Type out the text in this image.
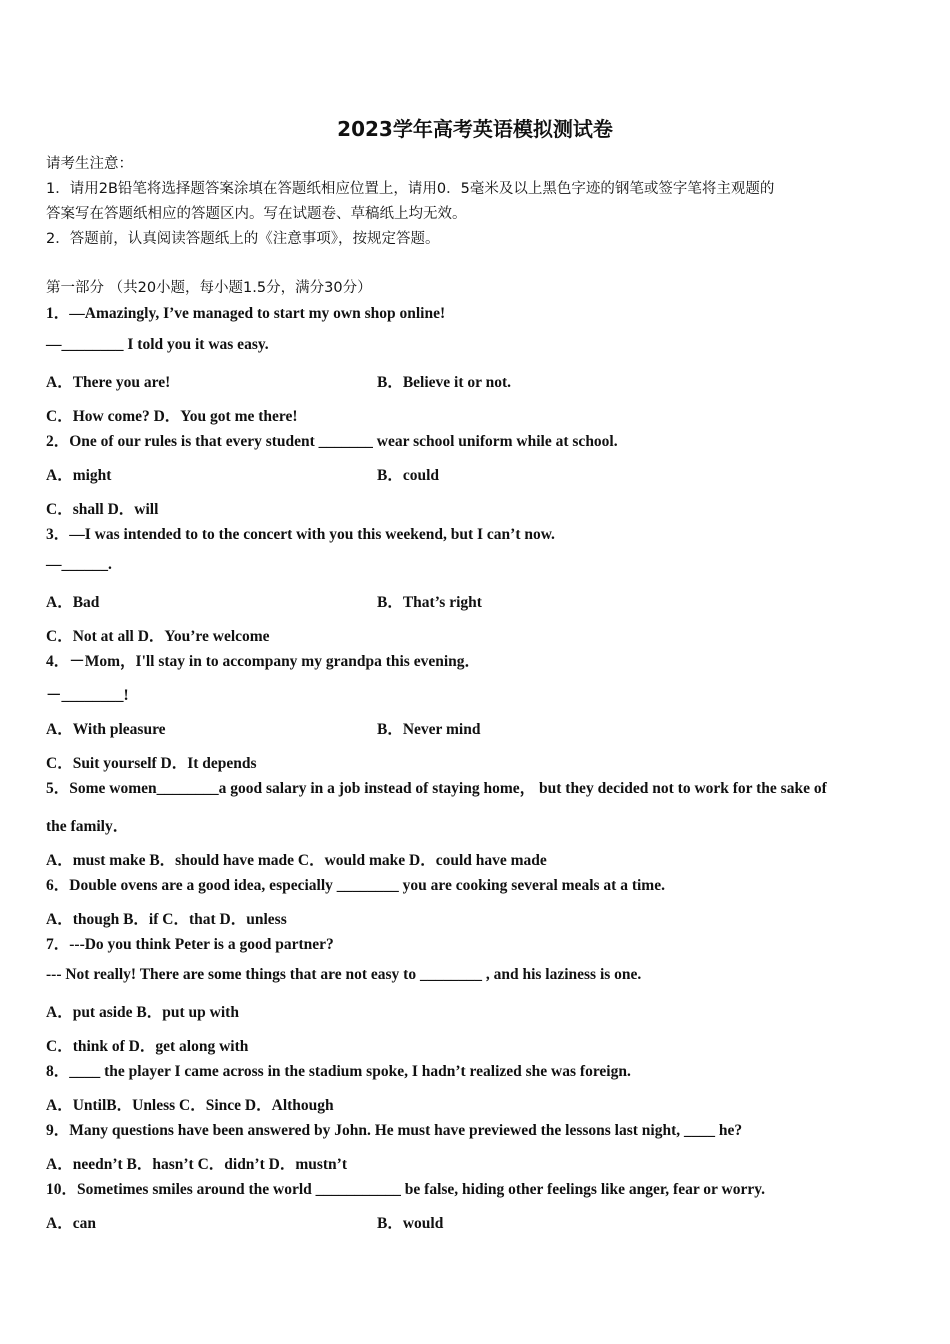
2023学年高考英语模拟测试卷
请考生注意：
1．请用2B铅笔将选择题答案涂填在答题纸相应位置上，请用0．5毫米及以上黑色字迹的钢笔或签字笔将主观题的
答案写在答题纸相应的答题区内。写在试题卷、草稿纸上均无效。
2．答题前，认真阅读答题纸上的《注意事项》，按规定答题。
第一部分 （共20小题，每小题1.5分，满分30分）
1．—Amazingly, I’ve managed to start my own shop online!
—________ I told you it was easy.
A．There you are!	B．Believe it or not.
C．How come? D．You got me there!
2．One of our rules is that every student _______ wear school uniform while at school.
A．might	B．could
C．shall D．will
3．—I was intended to to the concert with you this weekend, but I can’t now.
—______.
A．Bad	B．That’s right
C．Not at all D．You’re welcome
4．－Mom，I'll stay in to accompany my grandpa this evening．
－________!
A．With pleasure	B．Never mind
C．Suit yourself D．It depends
5．Some women________a good salary in a job instead of staying home， but they decided not to work for the sake of
the family．
A．must make B．should have made C．would make D．could have made
6．Double ovens are a good idea, especially ________ you are cooking several meals at a time.
A．though B．if C．that D．unless
7．---Do you think Peter is a good partner?
--- Not really! There are some things that are not easy to ________ , and his laziness is one.
A．put aside B．put up with
C．think of D．get along with
8．____ the player I came across in the stadium spoke, I hadn’t realized she was foreign.
A．UntilB．Unless C．Since D．Although
9．Many questions have been answered by John. He must have previewed the lessons last night, ____ he?
A．needn’t B．hasn’t C．didn’t D．mustn’t
10．Sometimes smiles around the world ___________ be false, hiding other feelings like anger, fear or worry.
A．can	B．would
